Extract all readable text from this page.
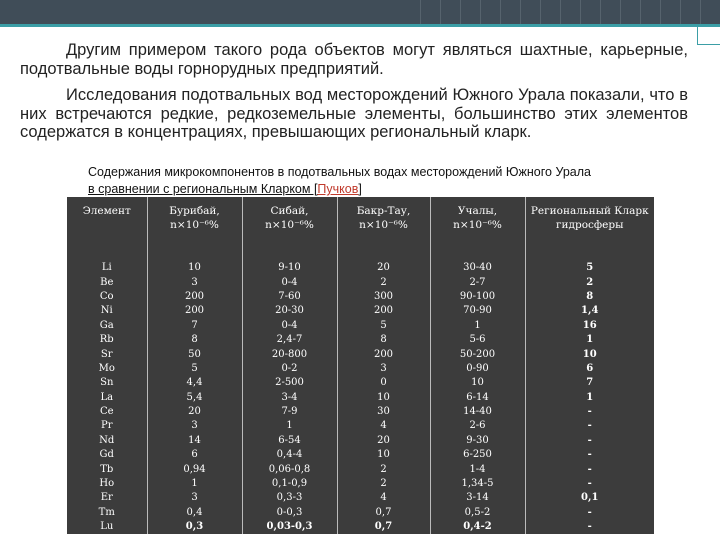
Другим примером такого рода объектов могут являться шахтные, карьерные, подотвальные воды горнорудных предприятий.

Исследования подотвальных вод месторождений Южного Урала показали, что в них встречаются редкие, редкоземельные элементы, большинство этих элементов содержатся в концентрациях, превышающих региональный кларк.

Содержания микрокомпонентов в подотвальных водах месторождений Южного Урала
в сравнении с региональным Кларком [Пучков]
Элемент	Бурибай, n×10⁻⁶%	Сибай, n×10⁻⁶%	Бакр-Тау, n×10⁻⁶%	Учалы, n×10⁻⁶%	Региональный Кларк гидросферы
Li	10	9-10	20	30-40	5
Be	3	0-4	2	2-7	2
Co	200	7-60	300	90-100	8
Ni	200	20-30	200	70-90	1,4
Ga	7	0-4	5	1	16
Rb	8	2,4-7	8	5-6	1
Sr	50	20-800	200	50-200	10
Mo	5	0-2	3	0-90	6
Sn	4,4	2-500	0	10	7
La	5,4	3-4	10	6-14	1
Ce	20	7-9	30	14-40	-
Pr	3	1	4	2-6	-
Nd	14	6-54	20	9-30	-
Gd	6	0,4-4	10	6-250	-
Tb	0,94	0,06-0,8	2	1-4	-
Ho	1	0,1-0,9	2	1,34-5	-
Er	3	0,3-3	4	3-14	0,1
Tm	0,4	0-0,3	0,7	0,5-2	-
Lu	0,3	0,03-0,3	0,7	0,4-2	-
